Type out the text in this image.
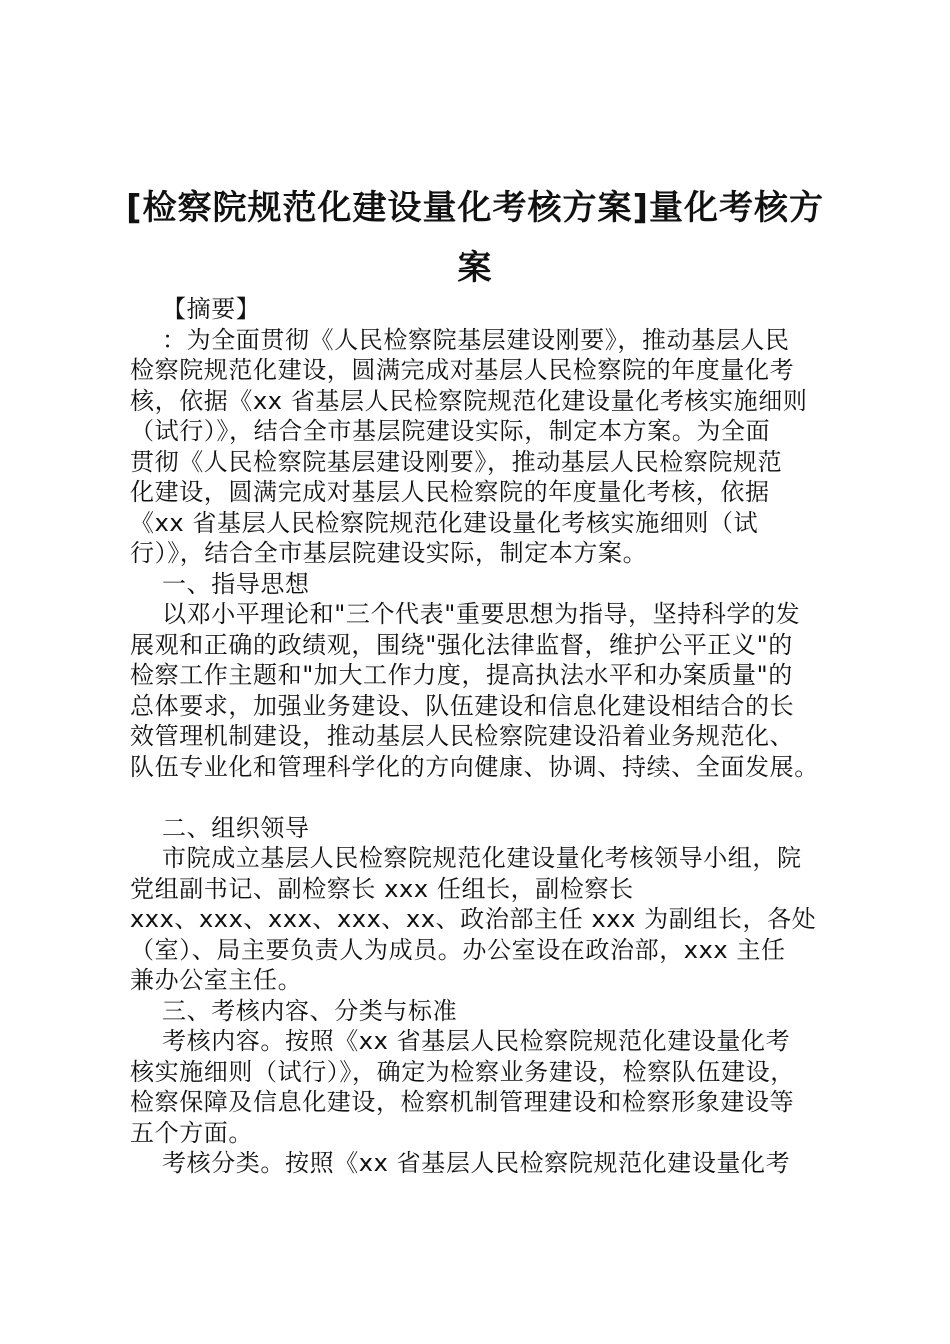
[检察院规范化建设量化考核方案]量化考核方
案
【摘要】
：为全面贯彻《人民检察院基层建设刚要》，推动基层人民
检察院规范化建设，圆满完成对基层人民检察院的年度量化考
核，依据《xx 省基层人民检察院规范化建设量化考核实施细则
（试行）》，结合全市基层院建设实际，制定本方案。为全面
贯彻《人民检察院基层建设刚要》，推动基层人民检察院规范
化建设，圆满完成对基层人民检察院的年度量化考核，依据
《xx 省基层人民检察院规范化建设量化考核实施细则（试
行）》，结合全市基层院建设实际，制定本方案。
一、指导思想
以邓小平理论和"三个代表"重要思想为指导，坚持科学的发
展观和正确的政绩观，围绕"强化法律监督，维护公平正义"的
检察工作主题和"加大工作力度，提高执法水平和办案质量"的
总体要求，加强业务建设、队伍建设和信息化建设相结合的长
效管理机制建设，推动基层人民检察院建设沿着业务规范化、
队伍专业化和管理科学化的方向健康、协调、持续、全面发展。
二、组织领导
市院成立基层人民检察院规范化建设量化考核领导小组，院
党组副书记、副检察长 xxx 任组长，副检察长
xxx、xxx、xxx、xxx、xx、政治部主任 xxx 为副组长，各处
（室）、局主要负责人为成员。办公室设在政治部，xxx 主任
兼办公室主任。
三、考核内容、分类与标准
考核内容。按照《xx 省基层人民检察院规范化建设量化考
核实施细则（试行）》，确定为检察业务建设，检察队伍建设，
检察保障及信息化建设，检察机制管理建设和检察形象建设等
五个方面。
考核分类。按照《xx 省基层人民检察院规范化建设量化考
